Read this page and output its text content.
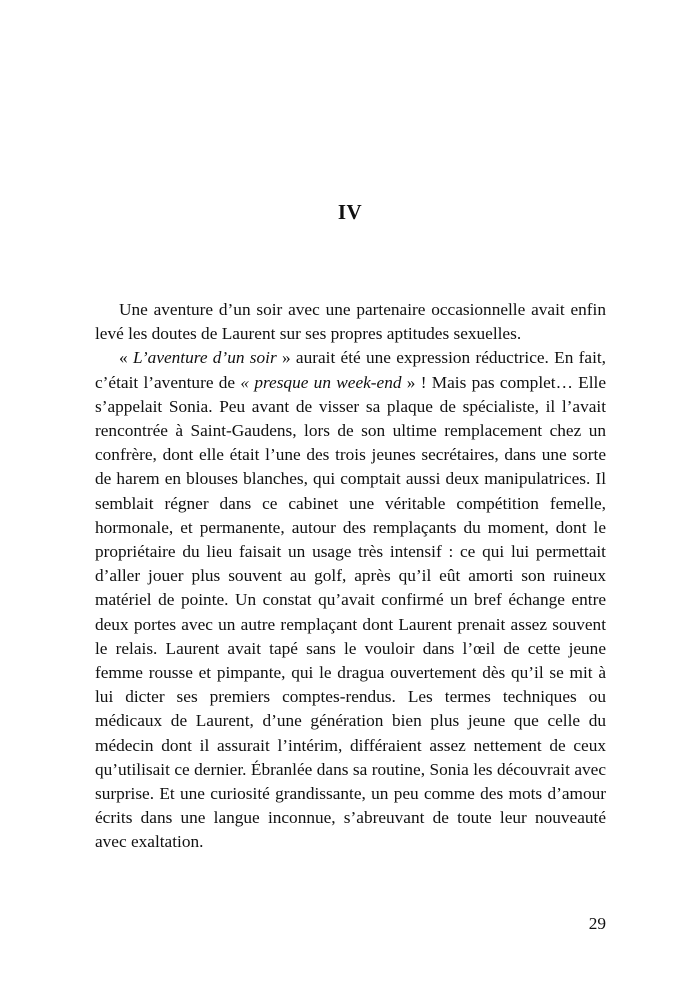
IV

Une aventure d’un soir avec une partenaire occasionnelle avait enfin levé les doutes de Laurent sur ses propres aptitudes sexuelles.

« L’aventure d’un soir » aurait été une expression réductrice. En fait, c’était l’aventure de « presque un week-end » ! Mais pas complet… Elle s’appelait Sonia. Peu avant de visser sa plaque de spécialiste, il l’avait rencontrée à Saint-Gaudens, lors de son ultime remplacement chez un confrère, dont elle était l’une des trois jeunes secrétaires, dans une sorte de harem en blouses blanches, qui comptait aussi deux manipulatrices. Il semblait régner dans ce cabinet une véritable compétition femelle, hormonale, et permanente, autour des remplaçants du moment, dont le propriétaire du lieu faisait un usage très intensif : ce qui lui permettait d’aller jouer plus souvent au golf, après qu’il eût amorti son ruineux matériel de pointe. Un constat qu’avait confirmé un bref échange entre deux portes avec un autre remplaçant dont Laurent prenait assez souvent le relais. Laurent avait tapé sans le vouloir dans l’œil de cette jeune femme rousse et pimpante, qui le dragua ouvertement dès qu’il se mit à lui dicter ses premiers comptes-rendus. Les termes techniques ou médicaux de Laurent, d’une génération bien plus jeune que celle du médecin dont il assurait l’intérim, différaient assez nettement de ceux qu’utilisait ce dernier. Ébranlée dans sa routine, Sonia les découvrait avec surprise. Et une curiosité grandissante, un peu comme des mots d’amour écrits dans une langue inconnue, s’abreuvant de toute leur nouveauté avec exaltation.

29
